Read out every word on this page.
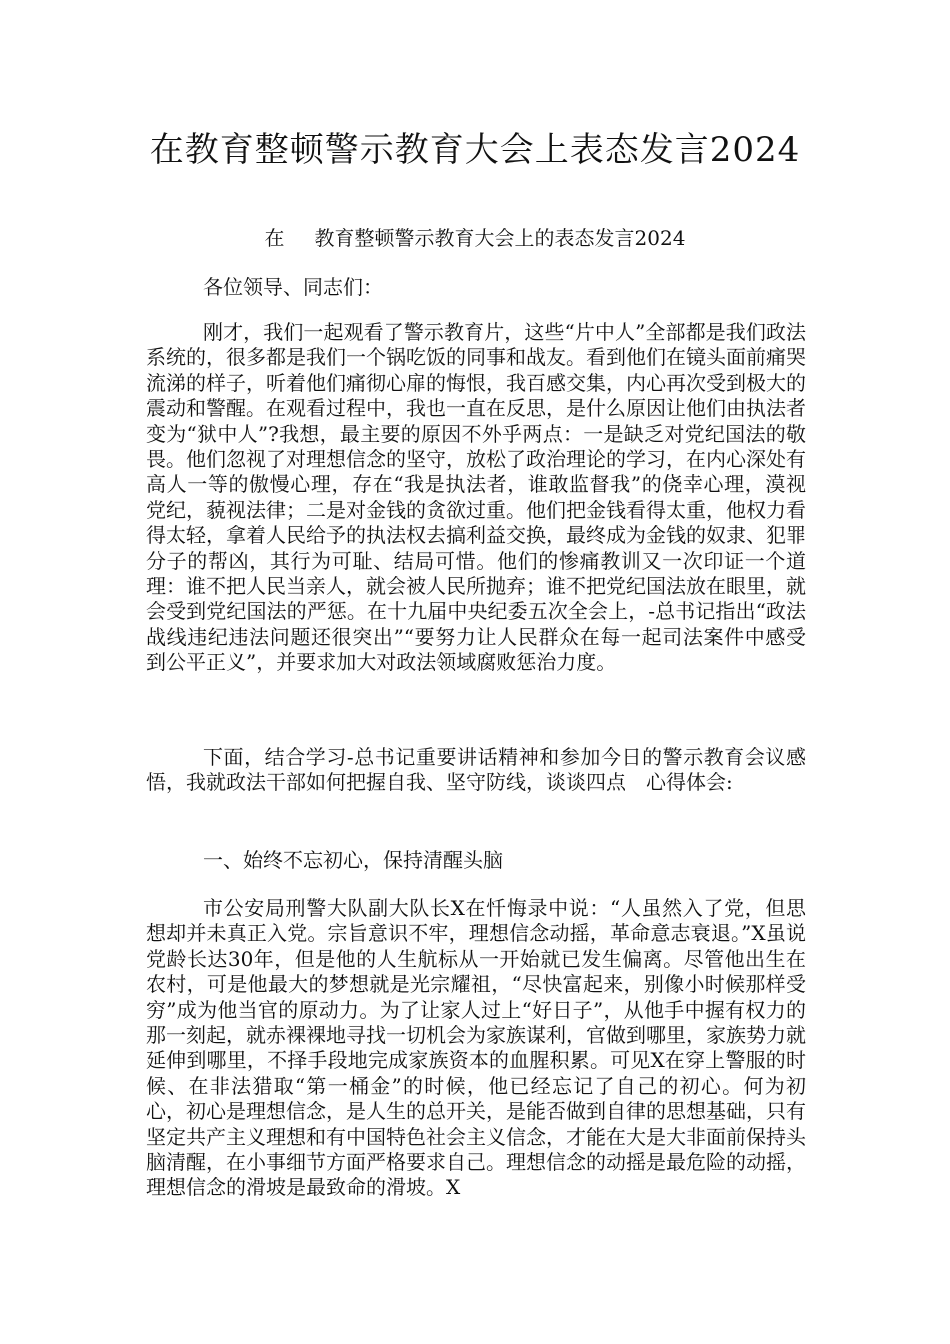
在教育整顿警示教育大会上表态发言2024

在 教育整顿警示教育大会上的表态发言2024

各位领导、同志们：

刚才，我们一起观看了警示教育片，这些“片中人”全部都是我们政法系统的，很多都是我们一个锅吃饭的同事和战友。看到他们在镜头面前痛哭流涕的样子，听着他们痛彻心扉的悔恨，我百感交集，内心再次受到极大的震动和警醒。在观看过程中，我也一直在反思，是什么原因让他们由执法者变为“狱中人”?我想，最主要的原因不外乎两点：一是缺乏对党纪国法的敬畏。他们忽视了对理想信念的坚守，放松了政治理论的学习，在内心深处有高人一等的傲慢心理，存在“我是执法者，谁敢监督我”的侥幸心理，漠视党纪，藐视法律；二是对金钱的贪欲过重。他们把金钱看得太重，他权力看得太轻，拿着人民给予的执法权去搞利益交换，最终成为金钱的奴隶、犯罪分子的帮凶，其行为可耻、结局可惜。他们的惨痛教训又一次印证一个道理：谁不把人民当亲人，就会被人民所抛弃；谁不把党纪国法放在眼里，就会受到党纪国法的严惩。在十九届中央纪委五次全会上，-总书记指出“政法战线违纪违法问题还很突出”“要努力让人民群众在每一起司法案件中感受到公平正义”，并要求加大对政法领域腐败惩治力度。

下面，结合学习-总书记重要讲话精神和参加今日的警示教育会议感悟，我就政法干部如何把握自我、坚守防线，谈谈四点　心得体会:

一、始终不忘初心，保持清醒头脑

市公安局刑警大队副大队长X在忏悔录中说：“人虽然入了党，但思想却并未真正入党。宗旨意识不牢，理想信念动摇，革命意志衰退。”X虽说党龄长达30年，但是他的人生航标从一开始就已发生偏离。尽管他出生在农村，可是他最大的梦想就是光宗耀祖，“尽快富起来，别像小时候那样受穷”成为他当官的原动力。为了让家人过上“好日子”，从他手中握有权力的那一刻起，就赤裸裸地寻找一切机会为家族谋利，官做到哪里，家族势力就延伸到哪里，不择手段地完成家族资本的血腥积累。可见X在穿上警服的时候、在非法猎取“第一桶金”的时候，他已经忘记了自己的初心。何为初心，初心是理想信念，是人生的总开关，是能否做到自律的思想基础，只有坚定共产主义理想和有中国特色社会主义信念，才能在大是大非面前保持头脑清醒，在小事细节方面严格要求自己。理想信念的动摇是最危险的动摇，理想信念的滑坡是最致命的滑坡。X
